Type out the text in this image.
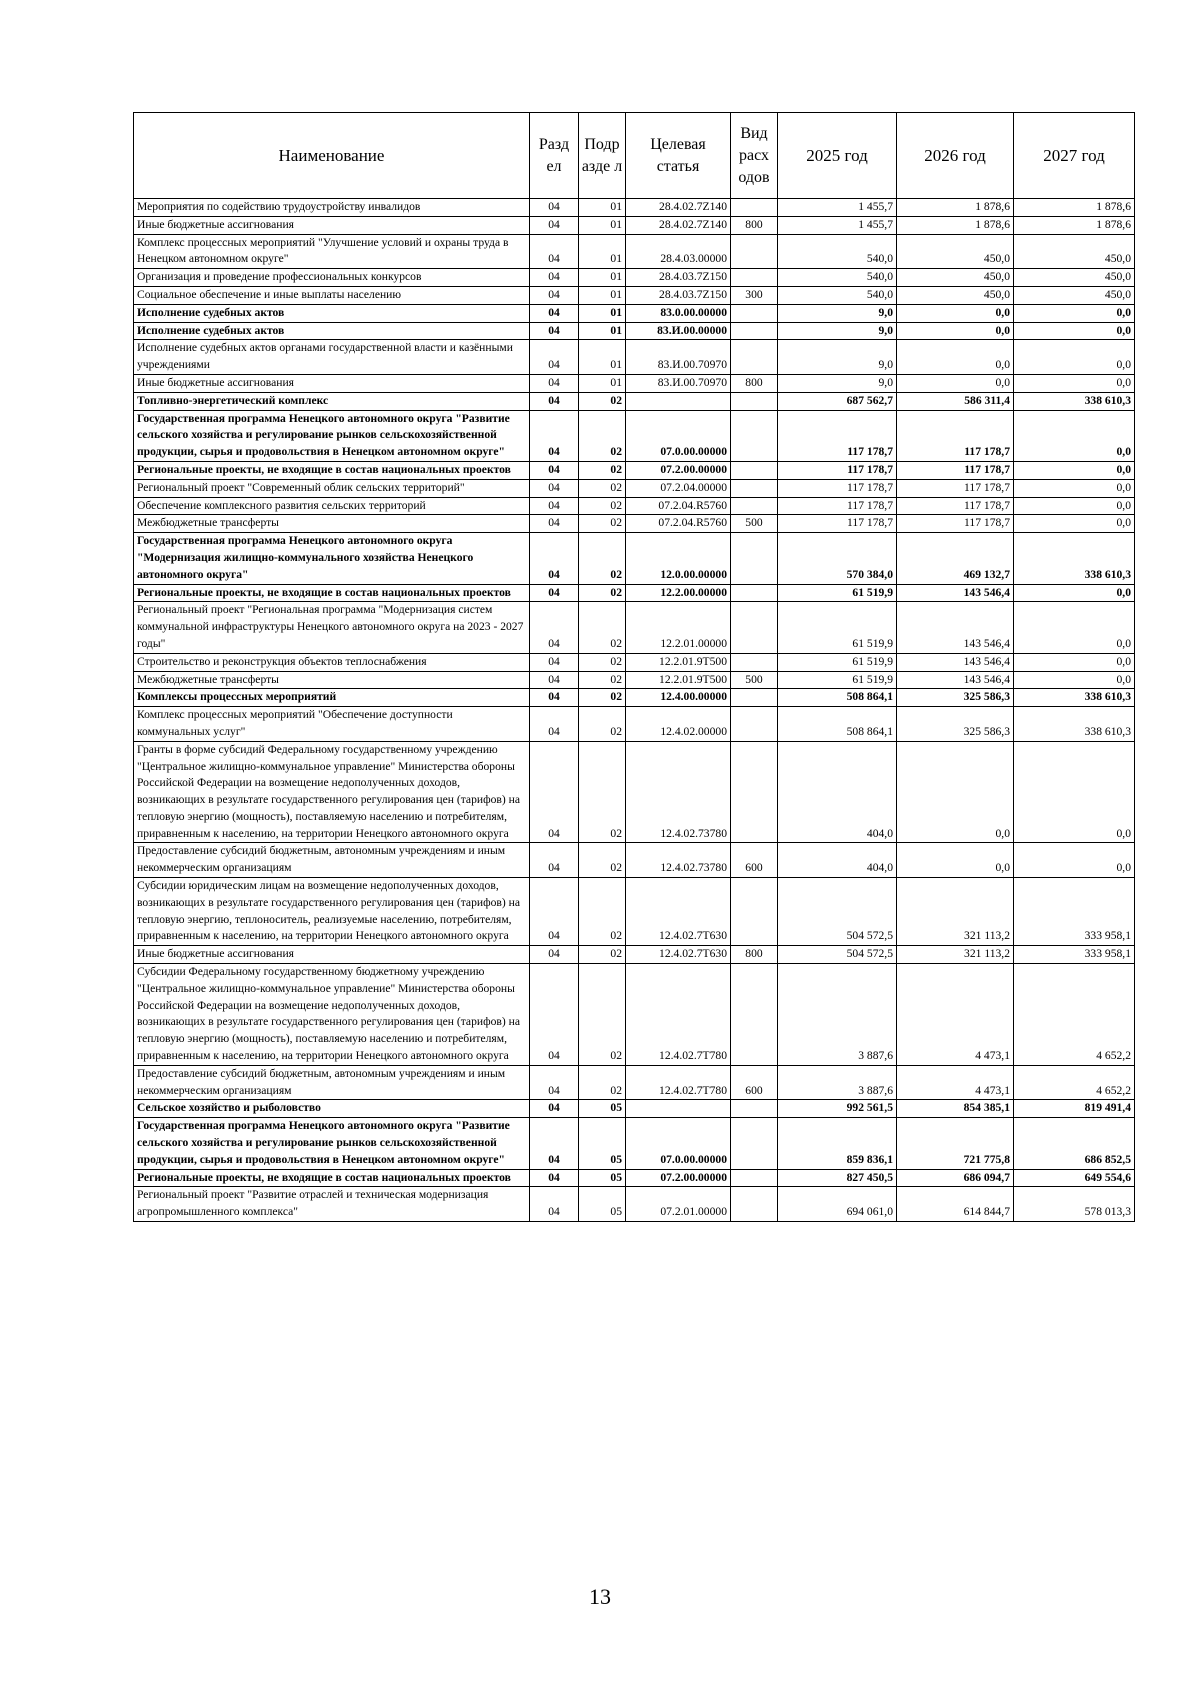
Наименование	Разд ел	Подр азде л	Целевая статья	Вид расх одов	2025 год	2026 год	2027 год
Мероприятия по содействию трудоустройству инвалидов	04	01	28.4.02.7Z140		1 455,7	1 878,6	1 878,6
Иные бюджетные ассигнования	04	01	28.4.02.7Z140	800	1 455,7	1 878,6	1 878,6
Комплекс процессных мероприятий "Улучшение условий и охраны труда в Ненецком автономном округе"	04	01	28.4.03.00000		540,0	450,0	450,0
Организация и проведение профессиональных конкурсов	04	01	28.4.03.7Z150		540,0	450,0	450,0
Социальное обеспечение и иные выплаты населению	04	01	28.4.03.7Z150	300	540,0	450,0	450,0
Исполнение судебных актов	04	01	83.0.00.00000		9,0	0,0	0,0
Исполнение судебных актов	04	01	83.И.00.00000		9,0	0,0	0,0
Исполнение судебных актов органами государственной власти и казёнными учреждениями	04	01	83.И.00.70970		9,0	0,0	0,0
Иные бюджетные ассигнования	04	01	83.И.00.70970	800	9,0	0,0	0,0
Топливно-энергетический комплекс	04	02			687 562,7	586 311,4	338 610,3
Государственная программа Ненецкого автономного округа "Развитие сельского хозяйства и регулирование рынков сельскохозяйственной продукции, сырья и продовольствия в Ненецком автономном округе"	04	02	07.0.00.00000		117 178,7	117 178,7	0,0
Региональные проекты, не входящие в состав национальных проектов	04	02	07.2.00.00000		117 178,7	117 178,7	0,0
Региональный проект "Современный облик сельских территорий"	04	02	07.2.04.00000		117 178,7	117 178,7	0,0
Обеспечение комплексного развития сельских территорий	04	02	07.2.04.R5760		117 178,7	117 178,7	0,0
Межбюджетные трансферты	04	02	07.2.04.R5760	500	117 178,7	117 178,7	0,0
Государственная программа Ненецкого автономного округа "Модернизация жилищно-коммунального хозяйства Ненецкого автономного округа"	04	02	12.0.00.00000		570 384,0	469 132,7	338 610,3
Региональные проекты, не входящие в состав национальных проектов	04	02	12.2.00.00000		61 519,9	143 546,4	0,0
Региональный проект "Региональная программа "Модернизация систем коммунальной инфраструктуры Ненецкого автономного округа на 2023 - 2027 годы"	04	02	12.2.01.00000		61 519,9	143 546,4	0,0
Строительство и реконструкция объектов теплоснабжения	04	02	12.2.01.9Т500		61 519,9	143 546,4	0,0
Межбюджетные трансферты	04	02	12.2.01.9Т500	500	61 519,9	143 546,4	0,0
Комплексы процессных мероприятий	04	02	12.4.00.00000		508 864,1	325 586,3	338 610,3
Комплекс процессных мероприятий "Обеспечение доступности коммунальных услуг"	04	02	12.4.02.00000		508 864,1	325 586,3	338 610,3
Гранты в форме субсидий Федеральному государственному учреждению "Центральное жилищно-коммунальное управление" Министерства обороны Российской Федерации на возмещение недополученных доходов, возникающих в результате государственного регулирования цен (тарифов) на тепловую энергию (мощность), поставляемую населению и потребителям, приравненным к населению, на территории Ненецкого автономного округа	04	02	12.4.02.73780		404,0	0,0	0,0
Предоставление субсидий бюджетным, автономным учреждениям и иным некоммерческим организациям	04	02	12.4.02.73780	600	404,0	0,0	0,0
Субсидии юридическим лицам на возмещение недополученных доходов, возникающих в результате государственного регулирования цен (тарифов) на тепловую энергию, теплоноситель, реализуемые населению, потребителям, приравненным к населению, на территории Ненецкого автономного округа	04	02	12.4.02.7Т630		504 572,5	321 113,2	333 958,1
Иные бюджетные ассигнования	04	02	12.4.02.7Т630	800	504 572,5	321 113,2	333 958,1
Субсидии Федеральному государственному бюджетному учреждению "Центральное жилищно-коммунальное управление" Министерства обороны Российской Федерации на возмещение недополученных доходов, возникающих в результате государственного регулирования цен (тарифов) на тепловую энергию (мощность), поставляемую населению и потребителям, приравненным к населению, на территории Ненецкого автономного округа	04	02	12.4.02.7Т780		3 887,6	4 473,1	4 652,2
Предоставление субсидий бюджетным, автономным учреждениям и иным некоммерческим организациям	04	02	12.4.02.7Т780	600	3 887,6	4 473,1	4 652,2
Сельское хозяйство и рыболовство	04	05			992 561,5	854 385,1	819 491,4
Государственная программа Ненецкого автономного округа "Развитие сельского хозяйства и регулирование рынков сельскохозяйственной продукции, сырья и продовольствия в Ненецком автономном округе"	04	05	07.0.00.00000		859 836,1	721 775,8	686 852,5
Региональные проекты, не входящие в состав национальных проектов	04	05	07.2.00.00000		827 450,5	686 094,7	649 554,6
Региональный проект "Развитие отраслей и техническая модернизация агропромышленного комплекса"	04	05	07.2.01.00000		694 061,0	614 844,7	578 013,3
13
